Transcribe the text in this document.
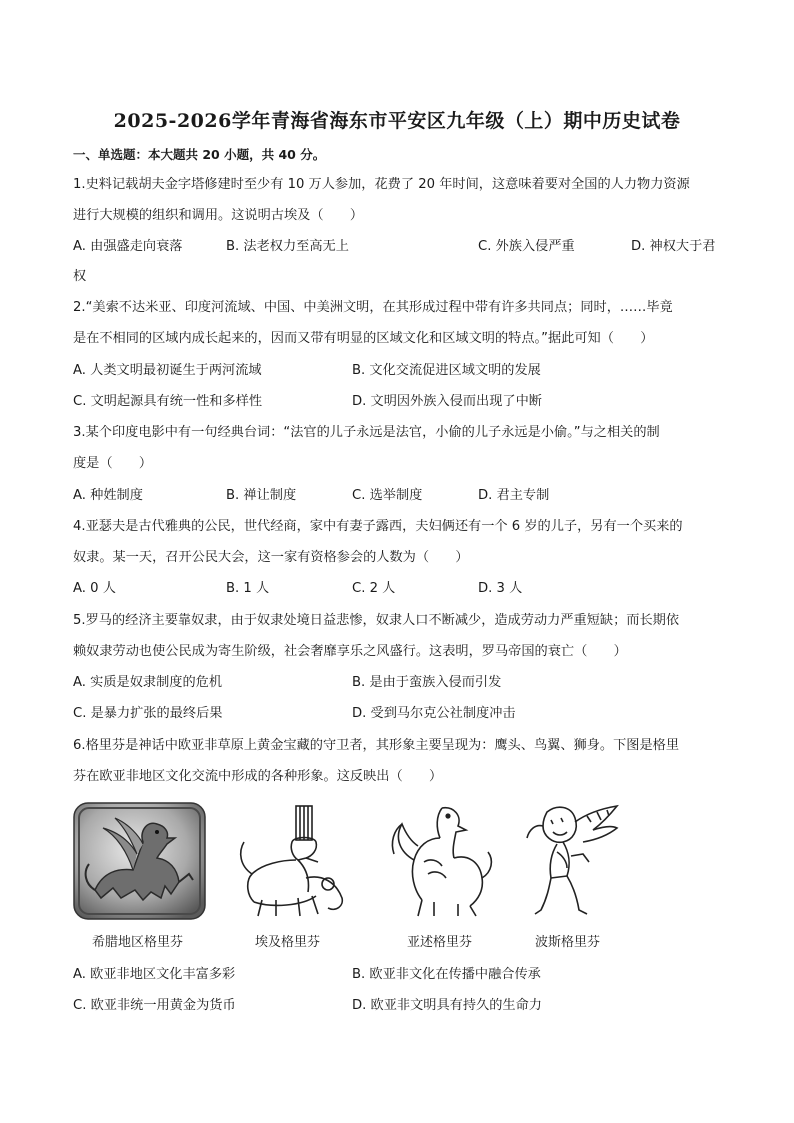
2025-2026学年青海省海东市平安区九年级（上）期中历史试卷
一、单选题：本大题共 20 小题，共 40 分。
1.史料记载胡夫金字塔修建时至少有 10 万人参加，花费了 20 年时间，这意味着要对全国的人力物力资源
进行大规模的组织和调用。这说明古埃及（　　）
A. 由强盛走向衰落	B. 法老权力至高无上	C. 外族入侵严重	D. 神权大于君
权
2.“美索不达米亚、印度河流域、中国、中美洲文明，在其形成过程中带有许多共同点；同时，……毕竟
是在不相同的区域内成长起来的，因而又带有明显的区域文化和区域文明的特点。”据此可知（　　）
A. 人类文明最初诞生于两河流域	B. 文化交流促进区域文明的发展
C. 文明起源具有统一性和多样性	D. 文明因外族入侵而出现了中断
3.某个印度电影中有一句经典台词：“法官的儿子永远是法官，小偷的儿子永远是小偷。”与之相关的制
度是（　　）
A. 种姓制度	B. 禅让制度	C. 选举制度	D. 君主专制
4.亚瑟夫是古代雅典的公民，世代经商，家中有妻子露西，夫妇俩还有一个 6 岁的儿子，另有一个买来的
奴隶。某一天，召开公民大会，这一家有资格参会的人数为（　　）
A. 0 人	B. 1 人	C. 2 人	D. 3 人
5.罗马的经济主要靠奴隶，由于奴隶处境日益悲惨，奴隶人口不断减少，造成劳动力严重短缺；而长期依
赖奴隶劳动也使公民成为寄生阶级，社会奢靡享乐之风盛行。这表明，罗马帝国的衰亡（　　）
A. 实质是奴隶制度的危机	B. 是由于蛮族入侵而引发
C. 是暴力扩张的最终后果	D. 受到马尔克公社制度冲击
6.格里芬是神话中欧亚非草原上黄金宝藏的守卫者，其形象主要呈现为：鹰头、鸟翼、狮身。下图是格里
芬在欧亚非地区文化交流中形成的各种形象。这反映出（　　）
希腊地区格里芬	埃及格里芬	亚述格里芬	波斯格里芬
A. 欧亚非地区文化丰富多彩	B. 欧亚非文化在传播中融合传承
C. 欧亚非统一用黄金为货币	D. 欧亚非文明具有持久的生命力
